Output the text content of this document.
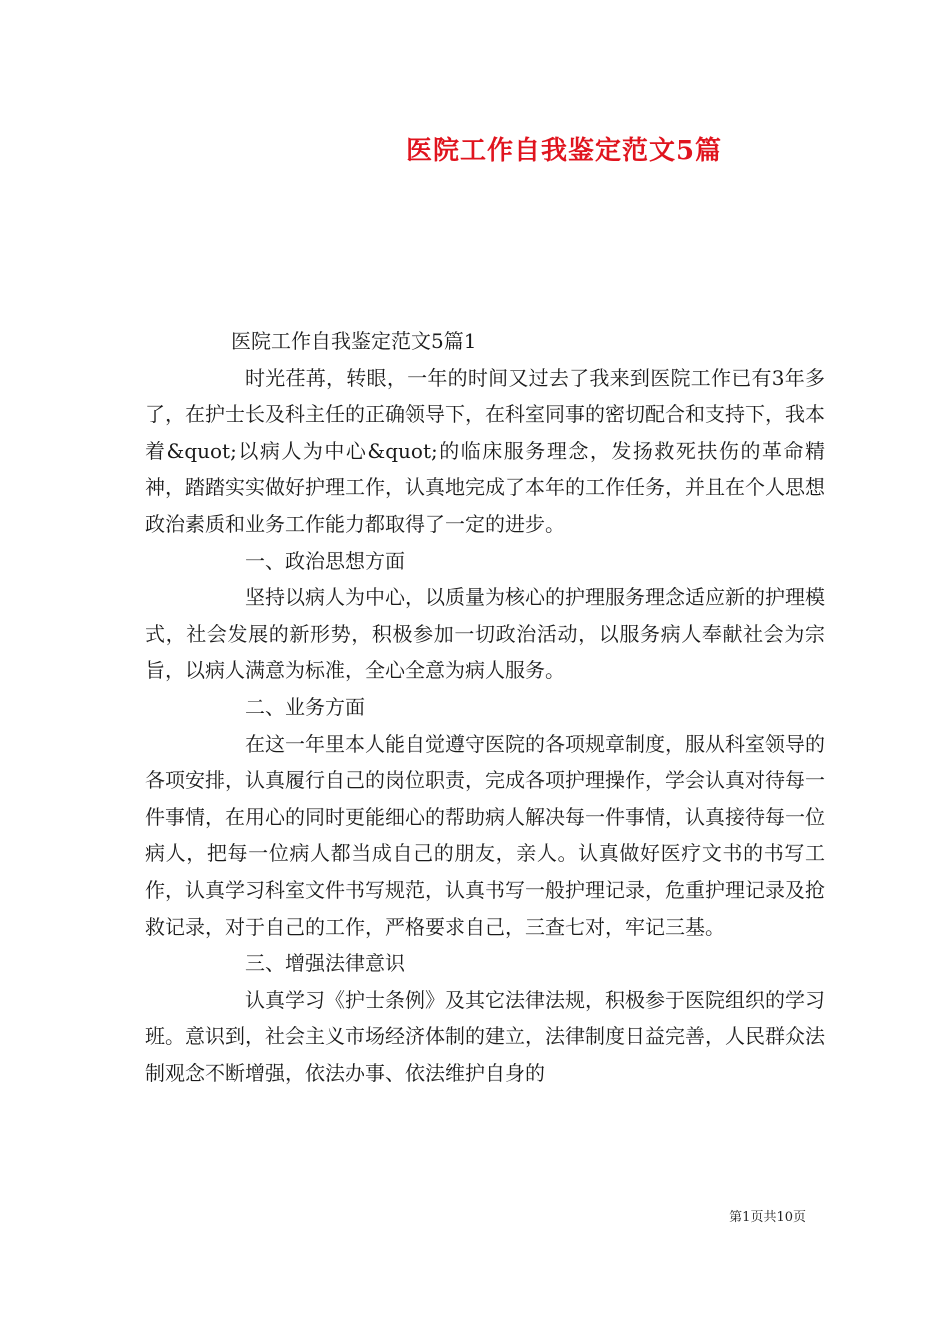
医院工作自我鉴定范文5篇

医院工作自我鉴定范文5篇1

时光荏苒，转眼，一年的时间又过去了我来到医院工作已有3年多了，在护士长及科主任的正确领导下，在科室同事的密切配合和支持下，我本着&quot;以病人为中心&quot;的临床服务理念，发扬救死扶伤的革命精神，踏踏实实做好护理工作，认真地完成了本年的工作任务，并且在个人思想政治素质和业务工作能力都取得了一定的进步。

一、政治思想方面

坚持以病人为中心，以质量为核心的护理服务理念适应新的护理模式，社会发展的新形势，积极参加一切政治活动，以服务病人奉献社会为宗旨，以病人满意为标准，全心全意为病人服务。

二、业务方面

在这一年里本人能自觉遵守医院的各项规章制度，服从科室领导的各项安排，认真履行自己的岗位职责，完成各项护理操作，学会认真对待每一件事情，在用心的同时更能细心的帮助病人解决每一件事情，认真接待每一位病人，把每一位病人都当成自己的朋友，亲人。认真做好医疗文书的书写工作，认真学习科室文件书写规范，认真书写一般护理记录，危重护理记录及抢救记录，对于自己的工作，严格要求自己，三查七对，牢记三基。

三、增强法律意识

认真学习《护士条例》及其它法律法规，积极参于医院组织的学习班。意识到，社会主义市场经济体制的建立，法律制度日益完善，人民群众法制观念不断增强，依法办事、依法维护自身的

第1页共10页
